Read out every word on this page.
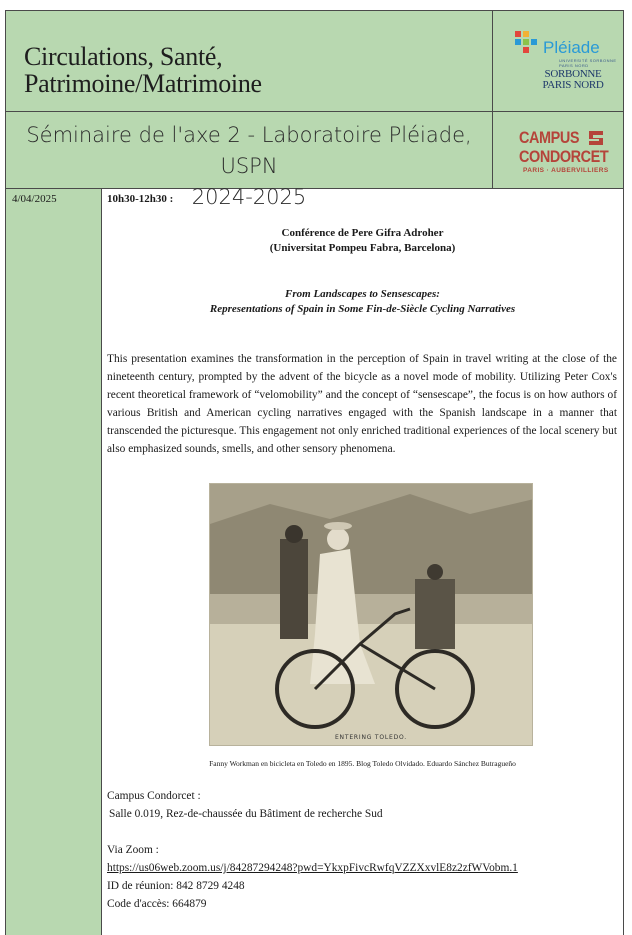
Circulations, Santé,
Patrimoine/Matrimoine
Pléiade
UNIVERSITÉ SORBONNE PARIS NORD
SORBONNE
PARIS NORD
Séminaire de l'axe 2 - Laboratoire Pléiade, USPN
2024-2025
CAMPUS
CONDORCET
PARIS · AUBERVILLIERS
4/04/2025	10h30-12h30 :
Conférence de Pere Gifra Adroher
(Universitat Pompeu Fabra, Barcelona)
From Landscapes to Sensescapes:
Representations of Spain in Some Fin-de-Siècle Cycling Narratives

This presentation examines the transformation in the perception of Spain in travel writing at the close of the nineteenth century, prompted by the advent of the bicycle as a novel mode of mobility. Utilizing Peter Cox's recent theoretical framework of “velomobility” and the concept of “sensescape”, the focus is on how authors of various British and American cycling narratives engaged with the Spanish landscape in a manner that transcended the picturesque. This engagement not only enriched traditional experiences of the local scenery but also emphasized sounds, smells, and other sensory phenomena.

ENTERING TOLEDO.
Fanny Workman en bicicleta en Toledo en 1895. Blog Toledo Olvidado. Eduardo Sánchez Butragueño
Campus Condorcet :
Salle 0.019, Rez-de-chaussée du Bâtiment de recherche Sud
Via Zoom :
https://us06web.zoom.us/j/84287294248?pwd=YkxpFivcRwfqVZZXxvlE8z2zfWVobm.1
ID de réunion: 842 8729 4248
Code d'accès: 664879
